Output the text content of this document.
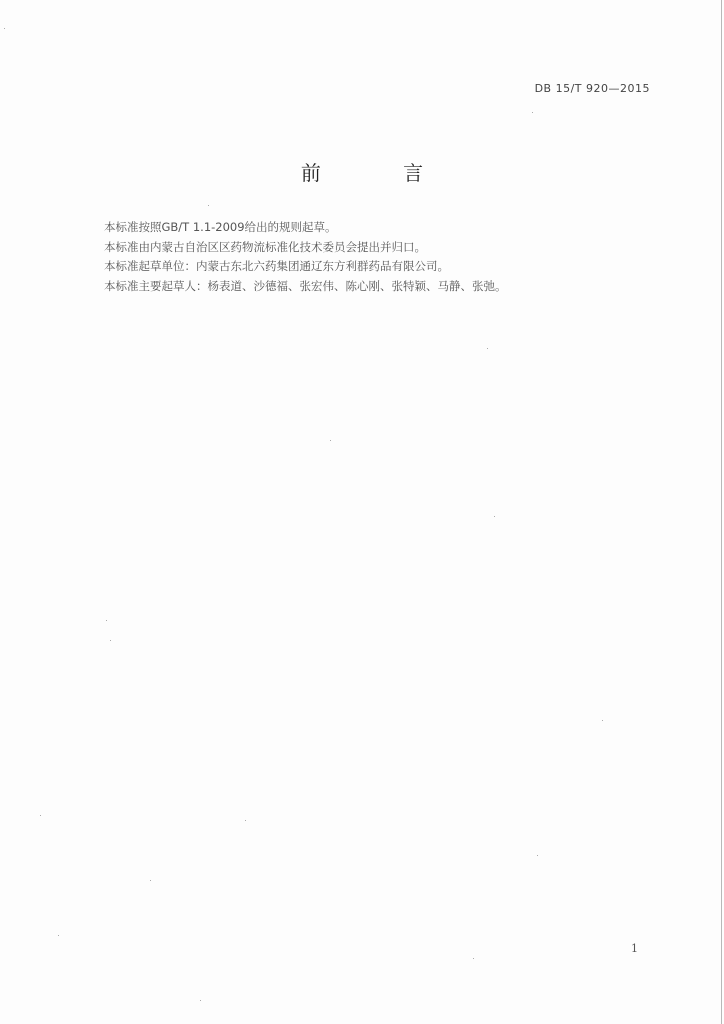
DB 15/T 920—2015
前 言

本标准按照GB/T 1.1-2009给出的规则起草。

本标准由内蒙古自治区区药物流标准化技术委员会提出并归口。

本标准起草单位：内蒙古东北六药集团通辽东方利群药品有限公司。

本标准主要起草人：杨表道、沙德福、张宏伟、陈心刚、张特颖、马静、张弛。

1
